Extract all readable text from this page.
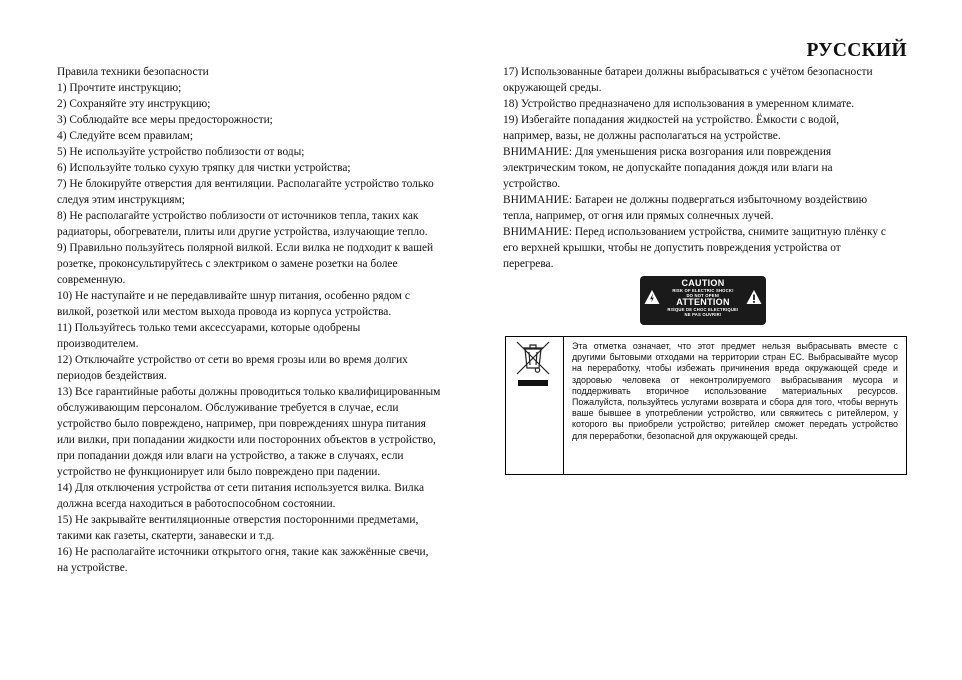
РУССКИЙ

Правила техники безопасности

1) Прочтите инструкцию;

2) Сохраняйте эту инструкцию;

3) Соблюдайте все меры предосторожности;

4) Следуйте всем правилам;

5) Не используйте устройство поблизости от воды;

6) Используйте только сухую тряпку для чистки устройства;

7) Не блокируйте отверстия для вентиляции. Располагайте устройство только

следуя этим инструкциям;

8) Не располагайте устройство поблизости от источников тепла, таких как

радиаторы, обогреватели, плиты или другие устройства, излучающие тепло.

9) Правильно пользуйтесь полярной вилкой. Если вилка не подходит к вашей

розетке, проконсультируйтесь с электриком о замене розетки на более

современную.

10) Не наступайте и не передавливайте шнур питания, особенно рядом с

вилкой, розеткой или местом выхода провода из корпуса устройства.

11) Пользуйтесь только теми аксессуарами, которые одобрены

производителем.

12) Отключайте устройство от сети во время грозы или во время долгих

периодов бездействия.

13) Все гарантийные работы должны проводиться только квалифицированным

обслуживающим персоналом. Обслуживание требуется в случае, если

устройство было повреждено, например, при повреждениях шнура питания

или вилки, при попадании жидкости или посторонних объектов в устройство,

при попадании дождя или влаги на устройство, а также в случаях, если

устройство не функционирует или было повреждено при падении.

14) Для отключения устройства от сети питания используется вилка. Вилка

должна всегда находиться в работоспособном состоянии.

15) Не закрывайте вентиляционные отверстия посторонними предметами,

такими как газеты, скатерти, занавески и т.д.

16) Не располагайте источники открытого огня, такие как зажжённые свечи,

на устройстве.

17) Использованные батареи должны выбрасываться с учётом безопасности

окружающей среды.

18) Устройство предназначено для использования в умеренном климате.

19) Избегайте попадания жидкостей на устройство. Ёмкости с водой,

например, вазы, не должны располагаться на устройстве.

ВНИМАНИЕ: Для уменьшения риска возгорания или повреждения

электрическим током, не допускайте попадания дождя или влаги на

устройство.

ВНИМАНИЕ: Батареи не должны подвергаться избыточному воздействию

тепла, например, от огня или прямых солнечных лучей.

ВНИМАНИЕ: Перед использованием устройства, снимите защитную плёнку с

его верхней крышки, чтобы не допустить повреждения устройства от

перегрева.

CAUTION
RISK OF ELECTRIC SHOCK!
DO NOT OPEN!
ATTENTION
RISQUE DE CHOC ELECTRIQUE!
NE PAS OUVRIR!

Эта отметка означает, что этот предмет нельзя выбрасывать вместе с другими бытовыми отходами на территории стран ЕС. Выбрасывайте мусор на переработку, чтобы избежать причинения вреда окружающей среде и здоровью человека от неконтролируемого выбрасывания мусора и поддерживать вторичное использование материальных ресурсов. Пожалуйста, пользуйтесь услугами возврата и сбора для того, чтобы вернуть ваше бывшее в употреблении устройство, или свяжитесь с ритейлером, у которого вы приобрели устройство; ритейлер сможет передать устройство для переработки, безопасной для окружающей среды.
